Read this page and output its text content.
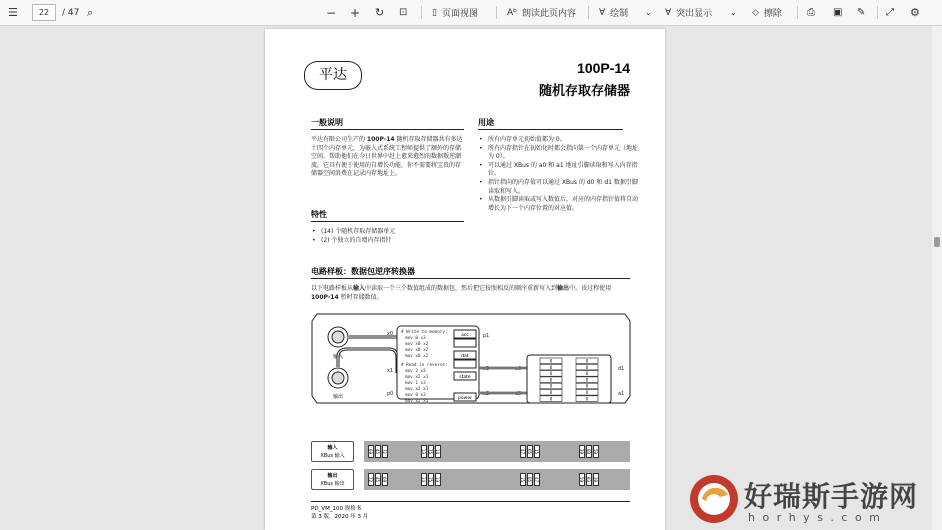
☰	22	/ 47 ⌕	− + ↻ ⊡	▯ 页面视图	Aᵇ 朗读此页内容	∀ 绘制 ⌄ ∀ 突出显示 ⌄ ◇ 擦除	⎙ ▣ ✎ ⤢ ⚙
平达	100P-14
随机存取存储器
一般说明
平达有限公司生产的 100P-14 随机存取存储器共有多达十四个内存单元，为嵌入式系统工程师提供了额外的存储空间，帮助他们在今日世界中赶上愈来愈烈的数据叛逆潮流。它具有便于使用的自增长功能，你不需要将宝贵的存储器空间浪费在记录内存地址上。
用途
• 所有内存单元初始值都为 0。
• 所有内存指针在初始化时都会指向第一个内存单元（地址为 0）。
• 可以通过 XBus 的 a0 和 a1 地址引脚读取和写入内存指针。
• 指针指向的内存值可以通过 XBus 的 d0 和 d1 数据引脚读取和写入。
• 从数据引脚读取或写入数值后，对应的内存指针值将自动增长为下一个内存位置的对应值。
特性
• (14) 个随机存取存储器单元
• (2) 个独立的自增内存指针
电路样板：数据包逆序转换器
以下电路样板从输入中读取一个三个数值组成的数据包，然后把它按照相反的顺序重新写入到输出中。该过程使用 100P-14 暂时存储数值。
输入
输出
# Write to memory:
mov 0 x3
mov x0 x2
mov x0 x2
mov x0 x2
# Read in reverse:
mov 2 x3
mov x2 x1
mov 1 x3
mov x2 x1
mov 0 x3
mov x2 x1
acc
dat
state
power
x0
x1
p0
p1
d1
a1
0
0
0
0
0
0
0
0
0
0
0
0
0
0
输入
XBus 输入
69 45 72	13 75 14	47 65 15	39 83 59
输出
XBus 输出
72 45 69	14 75 13	15 65 47	59 83 39
PD_VM_100 规格书
第 3 版，2020 年 3 月
好瑞斯手游网
h o r h y s . c o m
